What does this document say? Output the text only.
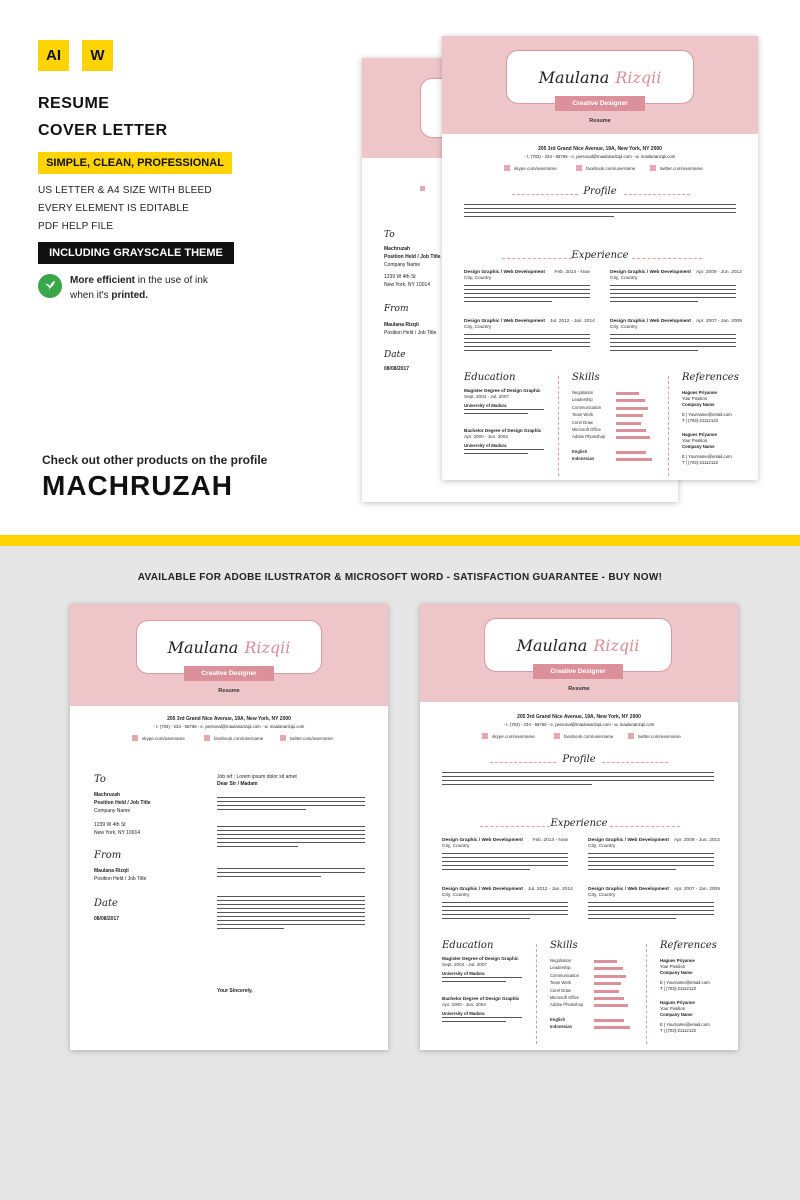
AI	W
RESUME
COVER LETTER
SIMPLE, CLEAN, PROFESSIONAL
US LETTER & A4 SIZE WITH BLEED
EVERY ELEMENT IS EDITABLE
PDF HELP FILE
INCLUDING GRAYSCALE THEME
More efficient in the use of ink
when it's printed.
Check out other products on the profile
MACHRUZAH
To
Machruzah
Position Held / Job Title
Company Name
1239 W 4th St
New York, NY 10014
From
Maulana Rizqii
Position Held / Job Title
Date
08/08/2017
Maulana Rizqii
Creative Designer
Resume
205 3rd Grand Nice Avenue, 19A, New York, NY 2000
- t. (703) - 234 - 56765 - e. personal@maulanarizqii.com - w. maulanarizqii.com
skype.com/username	facebook.com/username	twitter.com/username
Profile
Experience
Design Graphic / Web Development	Feb. 2014 - Now
City, Country
Design Graphic / Web Development Apr. 2009 - Jun. 2012
City, Country
Design Graphic / Web Development Jul. 2012 - Jan. 2014
City, Country
Design Graphic / Web Development Apr. 2007 - Jan. 2009
City, Country
Education
Magister Degree of Design Graphic
Sept. 2004 - Jul. 2007
University of Madura
Bachelor Degree of Design Graphic
Apr. 2000 - Jun. 2004
University of Madura
Skills
Negotiation
Leadership
Communication
Team Work
Corel Draw
Microsoft Office
Adobe Photoshop
English
Indonesian
References
Hagues Priyanoe
Your Position
Company Name
E | Yourname@email.com
T | (703)-21112122
Hagues Priyanoe
Your Position
Company Name
E | Yourname@email.com
T | (703)-21112122
AVAILABLE FOR ADOBE ILUSTRATOR & MICROSOFT WORD - SATISFACTION GUARANTEE - BUY NOW!
Maulana Rizqii
Creative Designer
Resume
205 3rd Grand Nice Avenue, 19A, New York, NY 2000
- t. (703) - 234 - 56765 - e. personal@maulanarizqii.com - w. maulanarizqii.com
skype.com/username	facebook.com/username	twitter.com/username
To
Machruzah
Position Held / Job Title
Company Name
1239 W 4th St
New York, NY 10014
From
Maulana Rizqii
Position Held / Job Title
Date
08/08/2017
Job ref : Lorem ipsum dolor sit amet
Dear Sir / Madam
Your Sincerely,
Maulana Rizqii
Creative Designer
Resume
205 3rd Grand Nice Avenue, 19A, New York, NY 2000
- t. (703) - 234 - 56765 - e. personal@maulanarizqii.com - w. maulanarizqii.com
skype.com/username	facebook.com/username	twitter.com/username
Profile
Experience
Design Graphic / Web Development	Feb. 2014 - Now
City, Country
Design Graphic / Web Development Apr. 2009 - Jun. 2012
City, Country
Design Graphic / Web Development Jul. 2012 - Jan. 2014
City, Country
Design Graphic / Web Development Apr. 2007 - Jan. 2009
City, Country
Education
Magister Degree of Design Graphic
Sept. 2004 - Jul. 2007
University of Madura
Bachelor Degree of Design Graphic
Apr. 2000 - Jun. 2004
University of Madura
Skills
Negotiation
Leadership
Communication
Team Work
Corel Draw
Microsoft Office
Adobe Photoshop
English
Indonesian
References
Hagues Priyanoe
Your Position
Company Name
E | Yourname@email.com
T | (703)-21112122
Hagues Priyanoe
Your Position
Company Name
E | Yourname@email.com
T | (703)-21112122
